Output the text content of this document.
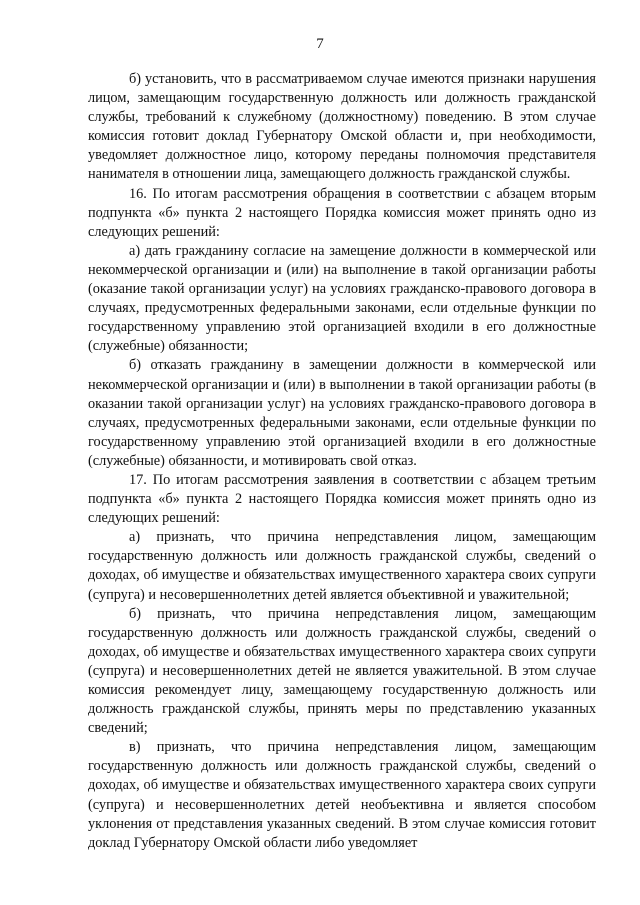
7

б) установить, что в рассматриваемом случае имеются признаки нарушения лицом, замещающим государственную должность или должность гражданской службы, требований к служебному (должностному) поведению. В этом случае комиссия готовит доклад Губернатору Омской области и, при необходимости, уведомляет должностное лицо, которому переданы полномочия представителя нанимателя в отношении лица, замещающего должность гражданской службы.

16. По итогам рассмотрения обращения в соответствии с абзацем вторым подпункта «б» пункта 2 настоящего Порядка комиссия может принять одно из следующих решений:

а) дать гражданину согласие на замещение должности в коммерческой или некоммерческой организации и (или) на выполнение в такой организации работы (оказание такой организации услуг) на условиях гражданско-правового договора в случаях, предусмотренных федеральными законами, если отдельные функции по государственному управлению этой организацией входили в его должностные (служебные) обязанности;

б) отказать гражданину в замещении должности в коммерческой или некоммерческой организации и (или) в выполнении в такой организации работы (в оказании такой организации услуг) на условиях гражданско-правового договора в случаях, предусмотренных федеральными законами, если отдельные функции по государственному управлению этой организацией входили в его должностные (служебные) обязанности, и мотивировать свой отказ.

17. По итогам рассмотрения заявления в соответствии с абзацем третьим подпункта «б» пункта 2 настоящего Порядка комиссия может принять одно из следующих решений:

а) признать, что причина непредставления лицом, замещающим государственную должность или должность гражданской службы, сведений о доходах, об имуществе и обязательствах имущественного характера своих супруги (супруга) и несовершеннолетних детей является объективной и уважительной;

б) признать, что причина непредставления лицом, замещающим государственную должность или должность гражданской службы, сведений о доходах, об имуществе и обязательствах имущественного характера своих супруги (супруга) и несовершеннолетних детей не является уважительной. В этом случае комиссия рекомендует лицу, замещающему государственную должность или должность гражданской службы, принять меры по представлению указанных сведений;

в) признать, что причина непредставления лицом, замещающим государственную должность или должность гражданской службы, сведений о доходах, об имуществе и обязательствах имущественного характера своих супруги (супруга) и несовершеннолетних детей необъективна и является способом уклонения от представления указанных сведений. В этом случае комиссия готовит доклад Губернатору Омской области либо уведомляет
